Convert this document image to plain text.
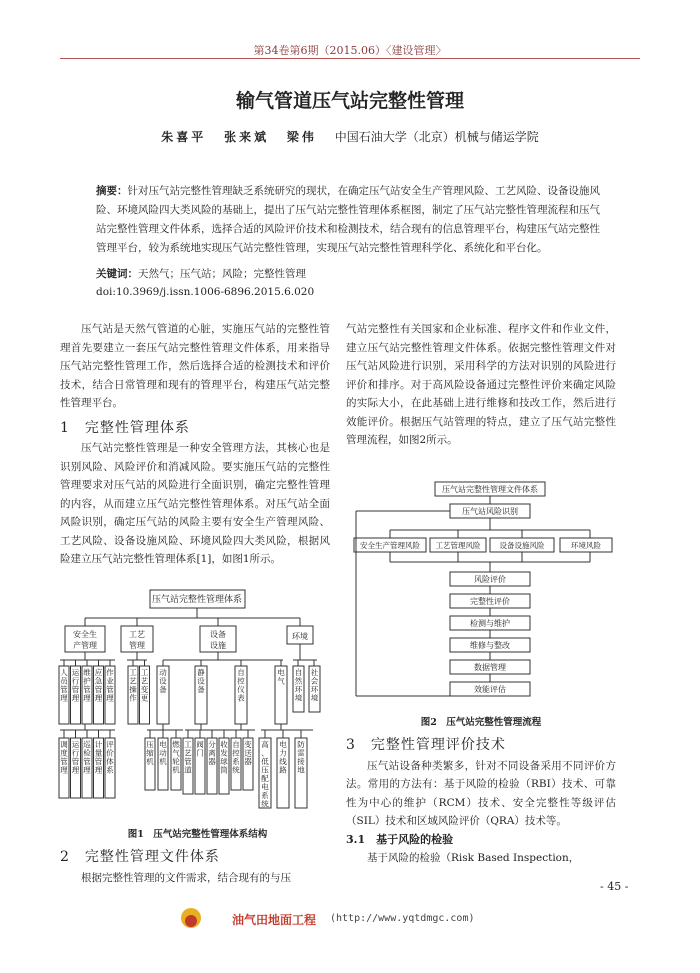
第34卷第6期（2015.06）〈建设管理〉
输气管道压气站完整性管理
朱喜平 张来斌 梁伟 中国石油大学（北京）机械与储运学院
摘要：针对压气站完整性管理缺乏系统研究的现状，在确定压气站安全生产管理风险、工艺风险、设备设施风险、环境风险四大类风险的基础上，提出了压气站完整性管理体系框图，制定了压气站完整性管理流程和压气站完整性管理文件体系，选择合适的风险评价技术和检测技术，结合现有的信息管理平台，构建压气站完整性管理平台，较为系统地实现压气站完整性管理，实现压气站完整性管理科学化、系统化和平台化。
关键词：天然气；压气站；风险；完整性管理
doi:10.3969/j.issn.1006-6896.2015.6.020

压气站是天然气管道的心脏，实施压气站的完整性管理首先要建立一套压气站完整性管理文件体系，用来指导压气站完整性管理工作，然后选择合适的检测技术和评价技术，结合日常管理和现有的管理平台，构建压气站完整性管理平台。

1　完整性管理体系

压气站完整性管理是一种安全管理方法，其核心也是识别风险、风险评价和消减风险。要实施压气站的完整性管理要求对压气站的风险进行全面识别，确定完整性管理的内容，从而建立压气站完整性管理体系。对压气站全面风险识别，确定压气站的风险主要有安全生产管理风险、工艺风险、设备设施风险、环境风险四大类风险，根据风险建立压气站完整性管理体系[1]，如图1所示。

压气站完整性管理体系
安全生
产管理
工艺
管理
设备
设施
环境
人员管理
运行管理
维护管理
应急管理
作业管理
工艺操作
工艺变更
动设备
静设备
自控仪表
电气
自然环境
社会环境
调度管理
运行管理
巡检管理
计量管理
评价体系
压缩机
电动机
燃气轮机
工艺管道
阀门
分离器
收发球筒
自控系统
变送器
高、低压配电系统
电力线路
防雷接地
图1　压气站完整性管理体系结构
2　完整性管理文件体系

根据完整性管理的文件需求，结合现有的与压

气站完整性有关国家和企业标准、程序文件和作业文件，建立压气站完整性管理文件体系。依据完整性管理文件对压气站风险进行识别，采用科学的方法对识别的风险进行评价和排序。对于高风险设备通过完整性评价来确定风险的实际大小，在此基础上进行维修和技改工作，然后进行效能评价。根据压气站管理的特点，建立了压气站完整性管理流程，如图2所示。

压气站完整性管理文件体系
压气站风险识别
安全生产管理风险 工艺管理风险	设备设施风险	环境风险
风险评价
完整性评价
检测与维护
维修与整改
数据管理
效能评估
图2　压气站完整性管理流程
3　完整性管理评价技术

压气站设备种类繁多，针对不同设备采用不同评价方法。常用的方法有：基于风险的检验（RBI）技术、可靠性为中心的维护（RCM）技术、安全完整性等级评估（SIL）技术和区域风险评价（QRA）技术等。

3.1　基于风险的检验

基于风险的检验（Risk Based Inspection，

油气田地面工程 (http://www.yqtdmgc.com)
- 45 -
